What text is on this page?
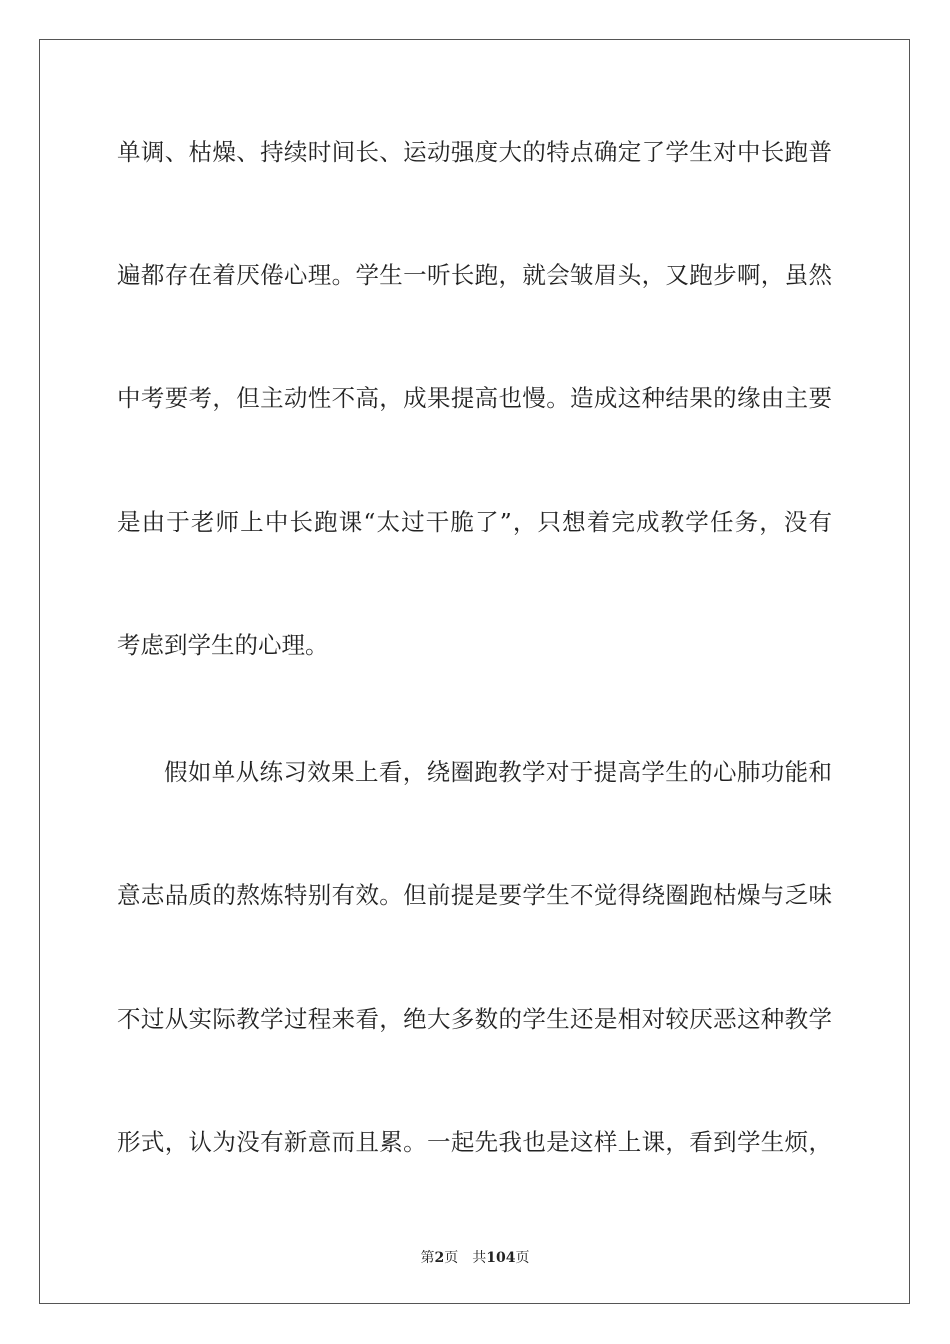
单调、枯燥、持续时间长、运动强度大的特点确定了学生对中长跑普
遍都存在着厌倦心理。学生一听长跑，就会皱眉头，又跑步啊，虽然
中考要考，但主动性不高，成果提高也慢。造成这种结果的缘由主要
是由于老师上中长跑课“太过干脆了”，只想着完成教学任务，没有
考虑到学生的心理。
假如单从练习效果上看，绕圈跑教学对于提高学生的心肺功能和
意志品质的熬炼特别有效。但前提是要学生不觉得绕圈跑枯燥与乏味
不过从实际教学过程来看，绝大多数的学生还是相对较厌恶这种教学
形式，认为没有新意而且累。一起先我也是这样上课，看到学生烦，
第2页 共104页
